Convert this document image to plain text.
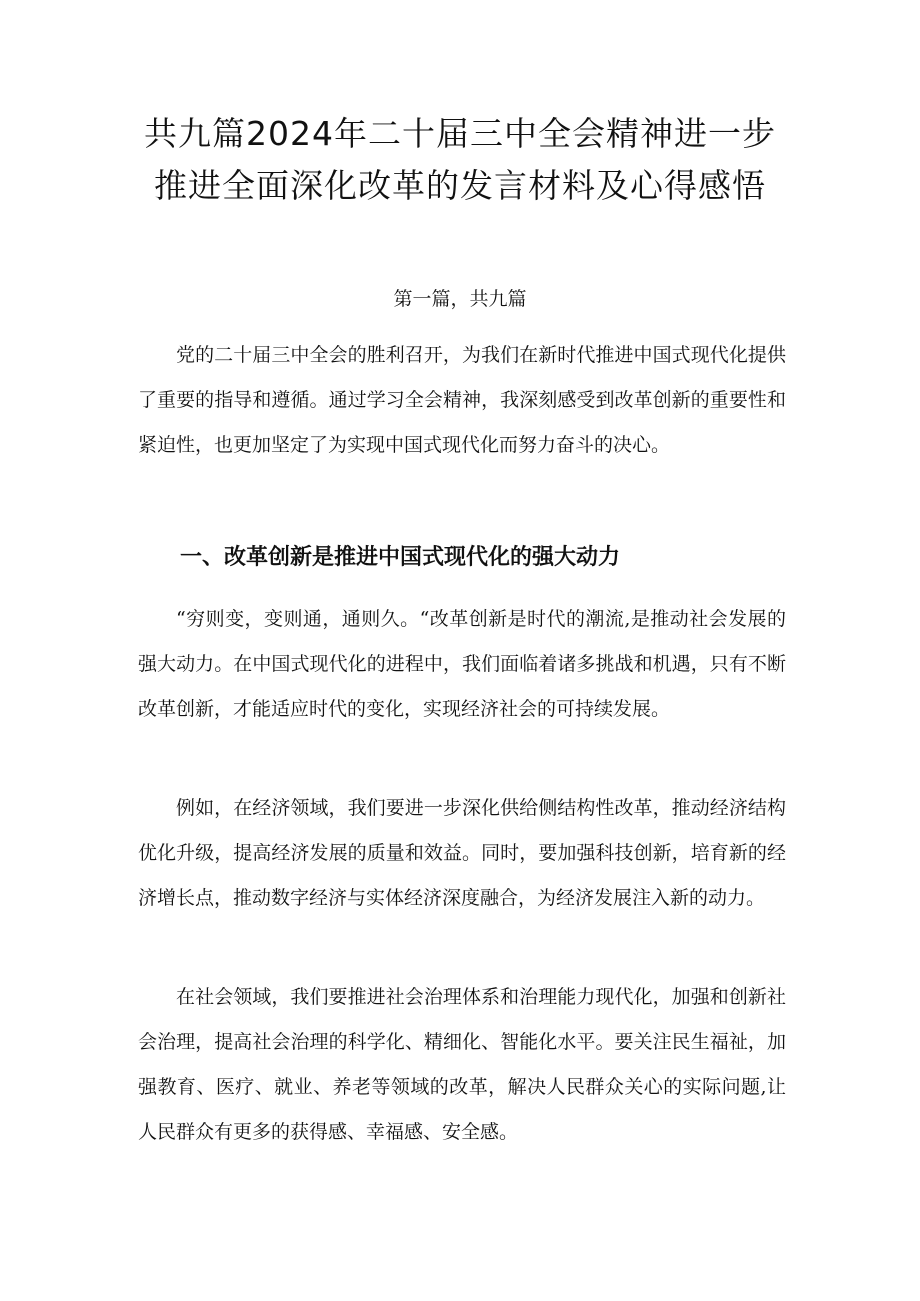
共九篇2024年二十届三中全会精神进一步
推进全面深化改革的发言材料及心得感悟

第一篇，共九篇

党的二十届三中全会的胜利召开，为我们在新时代推进中国式现代化提供了重要的指导和遵循。通过学习全会精神，我深刻感受到改革创新的重要性和紧迫性，也更加坚定了为实现中国式现代化而努力奋斗的决心。

一、改革创新是推进中国式现代化的强大动力

“穷则变，变则通，通则久。“改革创新是时代的潮流,是推动社会发展的强大动力。在中国式现代化的进程中，我们面临着诸多挑战和机遇，只有不断改革创新，才能适应时代的变化，实现经济社会的可持续发展。

例如，在经济领域，我们要进一步深化供给侧结构性改革，推动经济结构优化升级，提高经济发展的质量和效益。同时，要加强科技创新，培育新的经济增长点，推动数字经济与实体经济深度融合，为经济发展注入新的动力。

在社会领域，我们要推进社会治理体系和治理能力现代化，加强和创新社会治理，提高社会治理的科学化、精细化、智能化水平。要关注民生福祉，加强教育、医疗、就业、养老等领域的改革，解决人民群众关心的实际问题,让人民群众有更多的获得感、幸福感、安全感。
